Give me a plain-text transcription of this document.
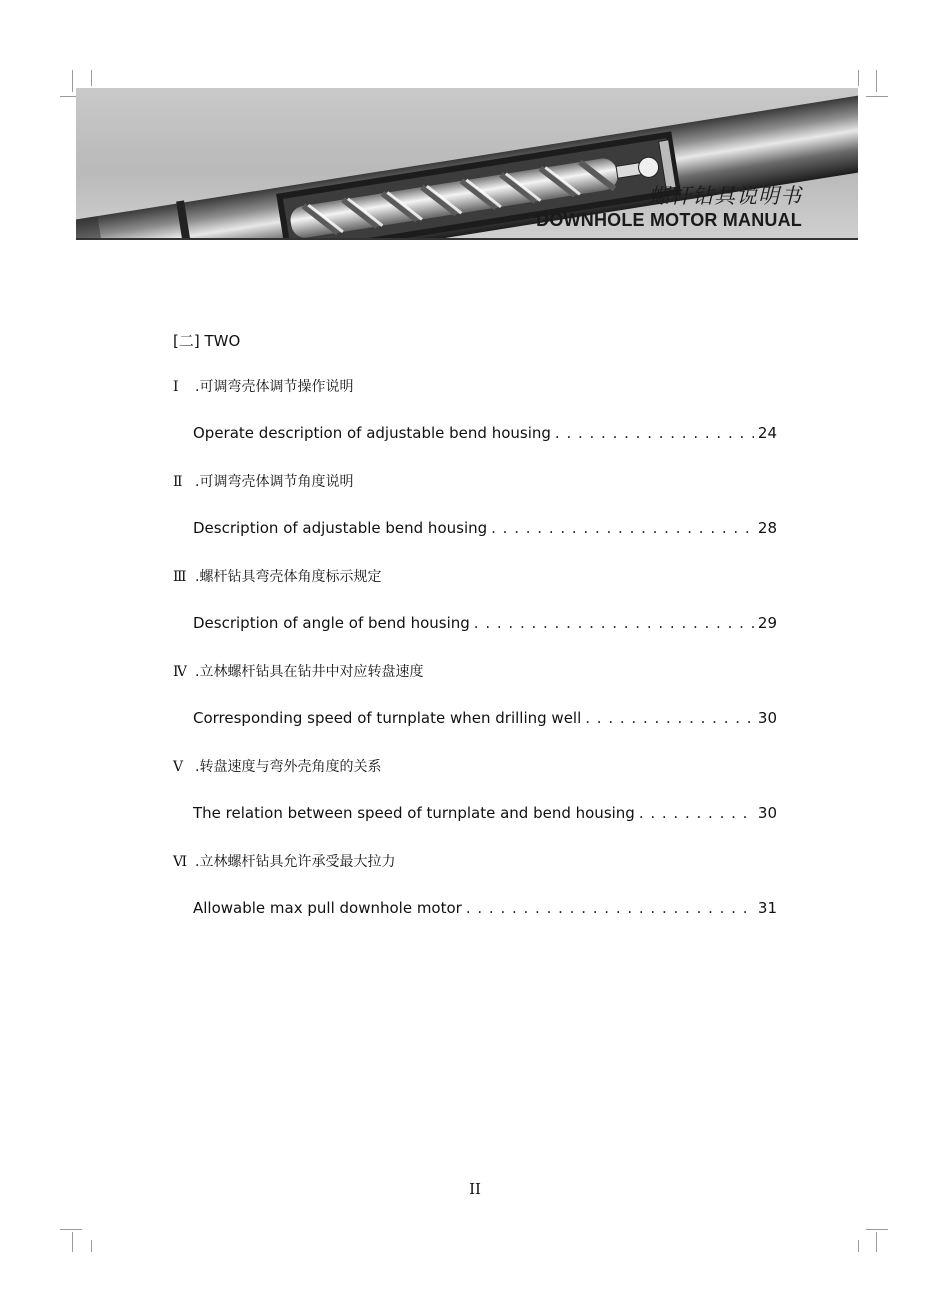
螺杆钻具说明书
DOWNHOLE MOTOR MANUAL
[二] TWO
Ⅰ .可调弯壳体调节操作说明
Operate description of adjustable bend housing . . .	24
Ⅱ .可调弯壳体调节角度说明
Description of adjustable bend housing . . .	28
Ⅲ .螺杆钻具弯壳体角度标示规定
Description of angle of bend housing . . .	29
Ⅳ .立林螺杆钻具在钻井中对应转盘速度
Corresponding speed of turnplate when drilling well . . .	30
Ⅴ .转盘速度与弯外壳角度的关系
The relation between speed of turnplate and bend housing . . .	30
Ⅵ .立林螺杆钻具允许承受最大拉力
Allowable max pull downhole motor . . .	31
II
